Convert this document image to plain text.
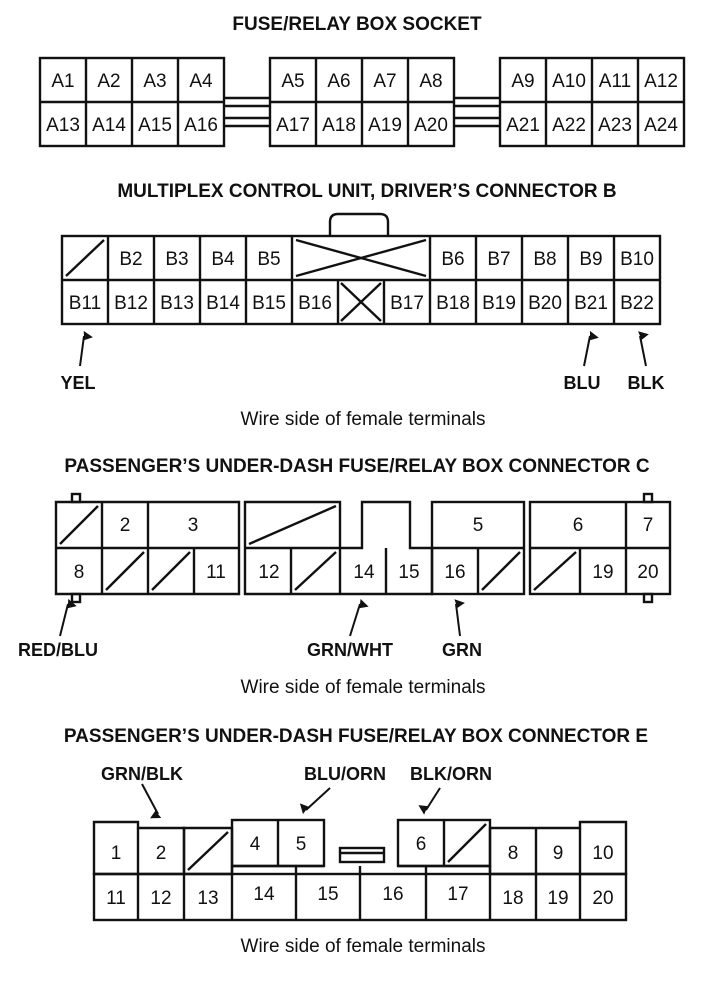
FUSE/RELAY BOX SOCKET
MULTIPLEX CONTROL UNIT, DRIVER’S CONNECTOR B
PASSENGER’S UNDER-DASH FUSE/RELAY BOX CONNECTOR C
PASSENGER’S UNDER-DASH FUSE/RELAY BOX CONNECTOR E
A1 A2 A3 A4
A13 A14 A15 A16
A5 A6 A7 A8
A17 A18 A19 A20
A9 A10 A11 A12
A21 A22 A23 A24
B2 B3 B4 B5	B6 B7 B8 B9 B10
B11 B12 B13 B14 B15 B16	B17 B18 B19 B20 B21 B22
YEL	BLU BLK
Wire side of female terminals
2	3	5	6	7
8	11 12	14 15 16	19 20
RED/BLU	GRN/WHT	GRN
Wire side of female terminals
1 2	4 5	6	8 9 10
11 12 13 14 15 16 17 18 19 20
GRN/BLK	BLU/ORN BLK/ORN
Wire side of female terminals
